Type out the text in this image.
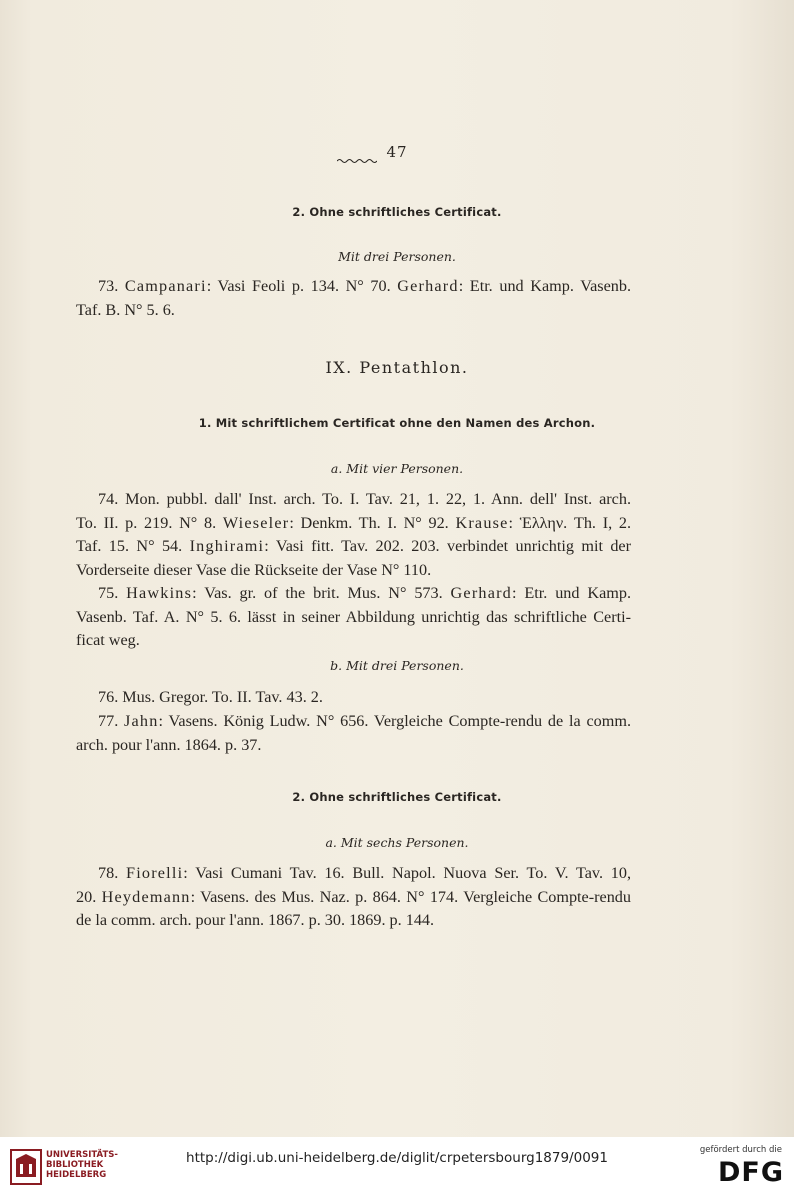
47
2. Ohne schriftliches Certificat.
Mit drei Personen.
73. Campanari: Vasi Feoli p. 134. N° 70. Gerhard: Etr. und Kamp. Vasenb.
Taf. B. N° 5. 6.
IX. Pentathlon.
1. Mit schriftlichem Certificat ohne den Namen des Archon.
a. Mit vier Personen.
74. Mon. pubbl. dall' Inst. arch. To. I. Tav. 21, 1. 22, 1. Ann. dell' Inst. arch.
To. II. p. 219. N° 8. Wieseler: Denkm. Th. I. N° 92. Krause: Ἑλλην. Th. I, 2.
Taf. 15. N° 54. Inghirami: Vasi fitt. Tav. 202. 203. verbindet unrichtig mit der
Vorderseite dieser Vase die Rückseite der Vase N° 110.
75. Hawkins: Vas. gr. of the brit. Mus. N° 573. Gerhard: Etr. und Kamp.
Vasenb. Taf. A. N° 5. 6. lässt in seiner Abbildung unrichtig das schriftliche Certi-
ficat weg.
b. Mit drei Personen.
76. Mus. Gregor. To. II. Tav. 43. 2.
77. Jahn: Vasens. König Ludw. N° 656. Vergleiche Compte-rendu de la comm.
arch. pour l'ann. 1864. p. 37.
2. Ohne schriftliches Certificat.
a. Mit sechs Personen.
78. Fiorelli: Vasi Cumani Tav. 16. Bull. Napol. Nuova Ser. To. V. Tav. 10,
20. Heydemann: Vasens. des Mus. Naz. p. 864. N° 174. Vergleiche Compte-rendu
de la comm. arch. pour l'ann. 1867. p. 30. 1869. p. 144.
UNIVERSITÄTS-
BIBLIOTHEK
HEIDELBERG
http://digi.ub.uni-heidelberg.de/diglit/crpetersbourg1879/0091	gefördert durch die
DFG
